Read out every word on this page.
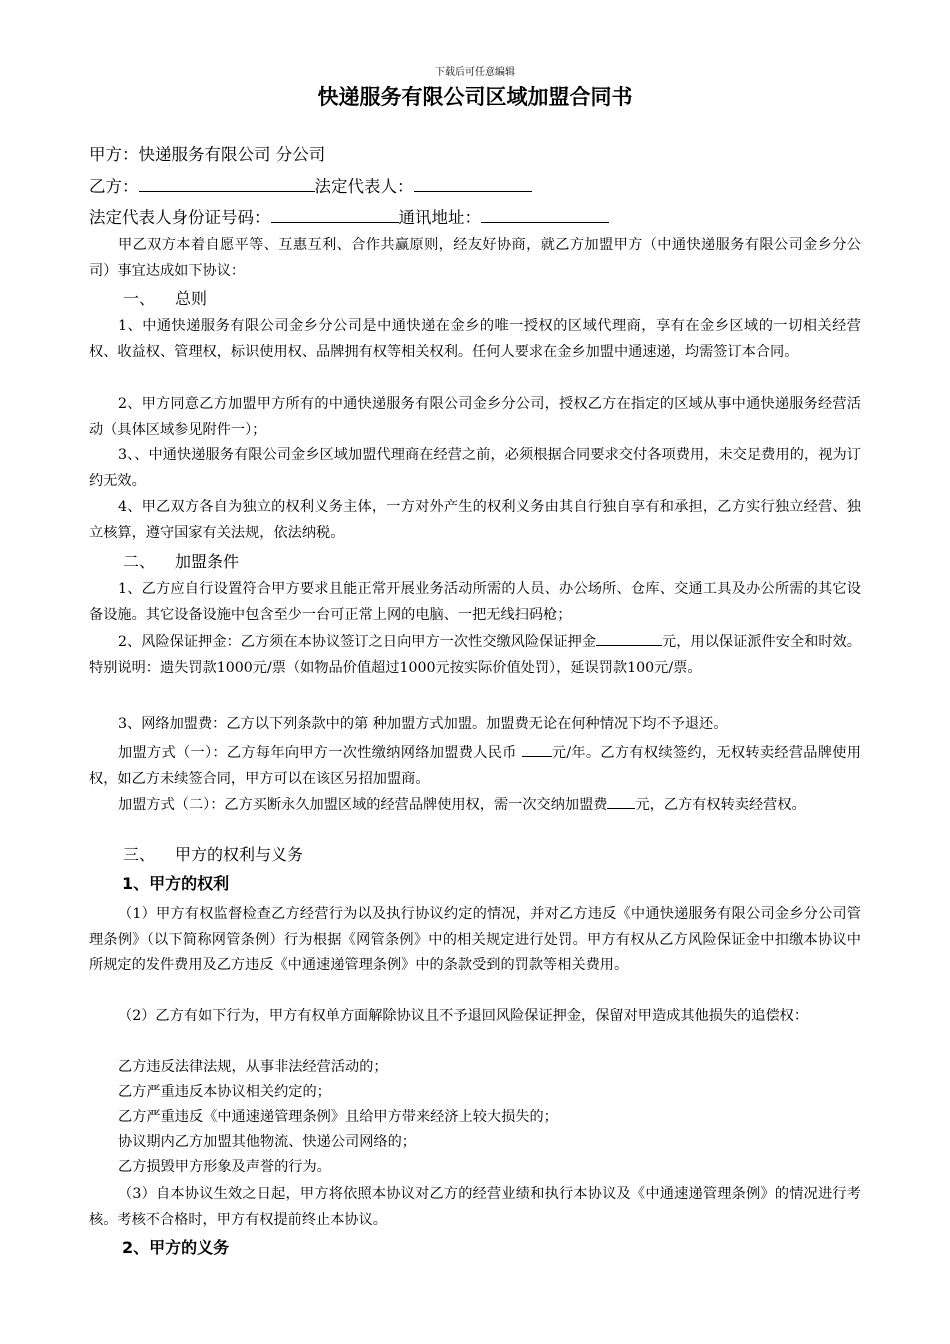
下载后可任意编辑
快递服务有限公司区域加盟合同书
甲方：快递服务有限公司 分公司
乙方：	法定代表人：
法定代表人身份证号码：	通讯地址：
甲乙双方本着自愿平等、互惠互利、合作共赢原则，经友好协商，就乙方加盟甲方（中通快递服务有限公司金乡分公司）事宜达成如下协议：
一、 总则
1、中通快递服务有限公司金乡分公司是中通快递在金乡的唯一授权的区域代理商，享有在金乡区域的一切相关经营权、收益权、管理权，标识使用权、品牌拥有权等相关权利。任何人要求在金乡加盟中通速递，均需签订本合同。
2、甲方同意乙方加盟甲方所有的中通快递服务有限公司金乡分公司，授权乙方在指定的区域从事中通快递服务经营活动（具体区域参见附件一）；
3、、中通快递服务有限公司金乡区域加盟代理商在经营之前，必须根据合同要求交付各项费用，未交足费用的，视为订约无效。
4、甲乙双方各自为独立的权利义务主体，一方对外产生的权利义务由其自行独自享有和承担，乙方实行独立经营、独立核算，遵守国家有关法规，依法纳税。
二、 加盟条件
1、乙方应自行设置符合甲方要求且能正常开展业务活动所需的人员、办公场所、仓库、交通工具及办公所需的其它设备设施。其它设备设施中包含至少一台可正常上网的电脑、一把无线扫码枪；
2、风险保证押金：乙方须在本协议签订之日向甲方一次性交缴风险保证押金	元，用以保证派件安全和时效。特别说明：遗失罚款1000元/票（如物品价值超过1000元按实际价值处罚），延误罚款100元/票。
3、网络加盟费：乙方以下列条款中的第 种加盟方式加盟。加盟费无论在何种情况下均不予退还。
加盟方式（一）：乙方每年向甲方一次性缴纳网络加盟费人民币 元/年。乙方有权续签约，无权转卖经营品牌使用权，如乙方未续签合同，甲方可以在该区另招加盟商。
加盟方式（二）：乙方买断永久加盟区域的经营品牌使用权，需一次交纳加盟费 元，乙方有权转卖经营权。
三、 甲方的权利与义务
1、甲方的权利
（1）甲方有权监督检查乙方经营行为以及执行协议约定的情况，并对乙方违反《中通快递服务有限公司金乡分公司管理条例》（以下简称网管条例）行为根据《网管条例》中的相关规定进行处罚。甲方有权从乙方风险保证金中扣缴本协议中所规定的发件费用及乙方违反《中通速递管理条例》中的条款受到的罚款等相关费用。
（2）乙方有如下行为，甲方有权单方面解除协议且不予退回风险保证押金，保留对甲造成其他损失的追偿权：
乙方违反法律法规，从事非法经营活动的；
乙方严重违反本协议相关约定的；
乙方严重违反《中通速递管理条例》且给甲方带来经济上较大损失的；
协议期内乙方加盟其他物流、快递公司网络的；
乙方损毁甲方形象及声誉的行为。
（3）自本协议生效之日起，甲方将依照本协议对乙方的经营业绩和执行本协议及《中通速递管理条例》的情况进行考核。考核不合格时，甲方有权提前终止本协议。
2、甲方的义务
